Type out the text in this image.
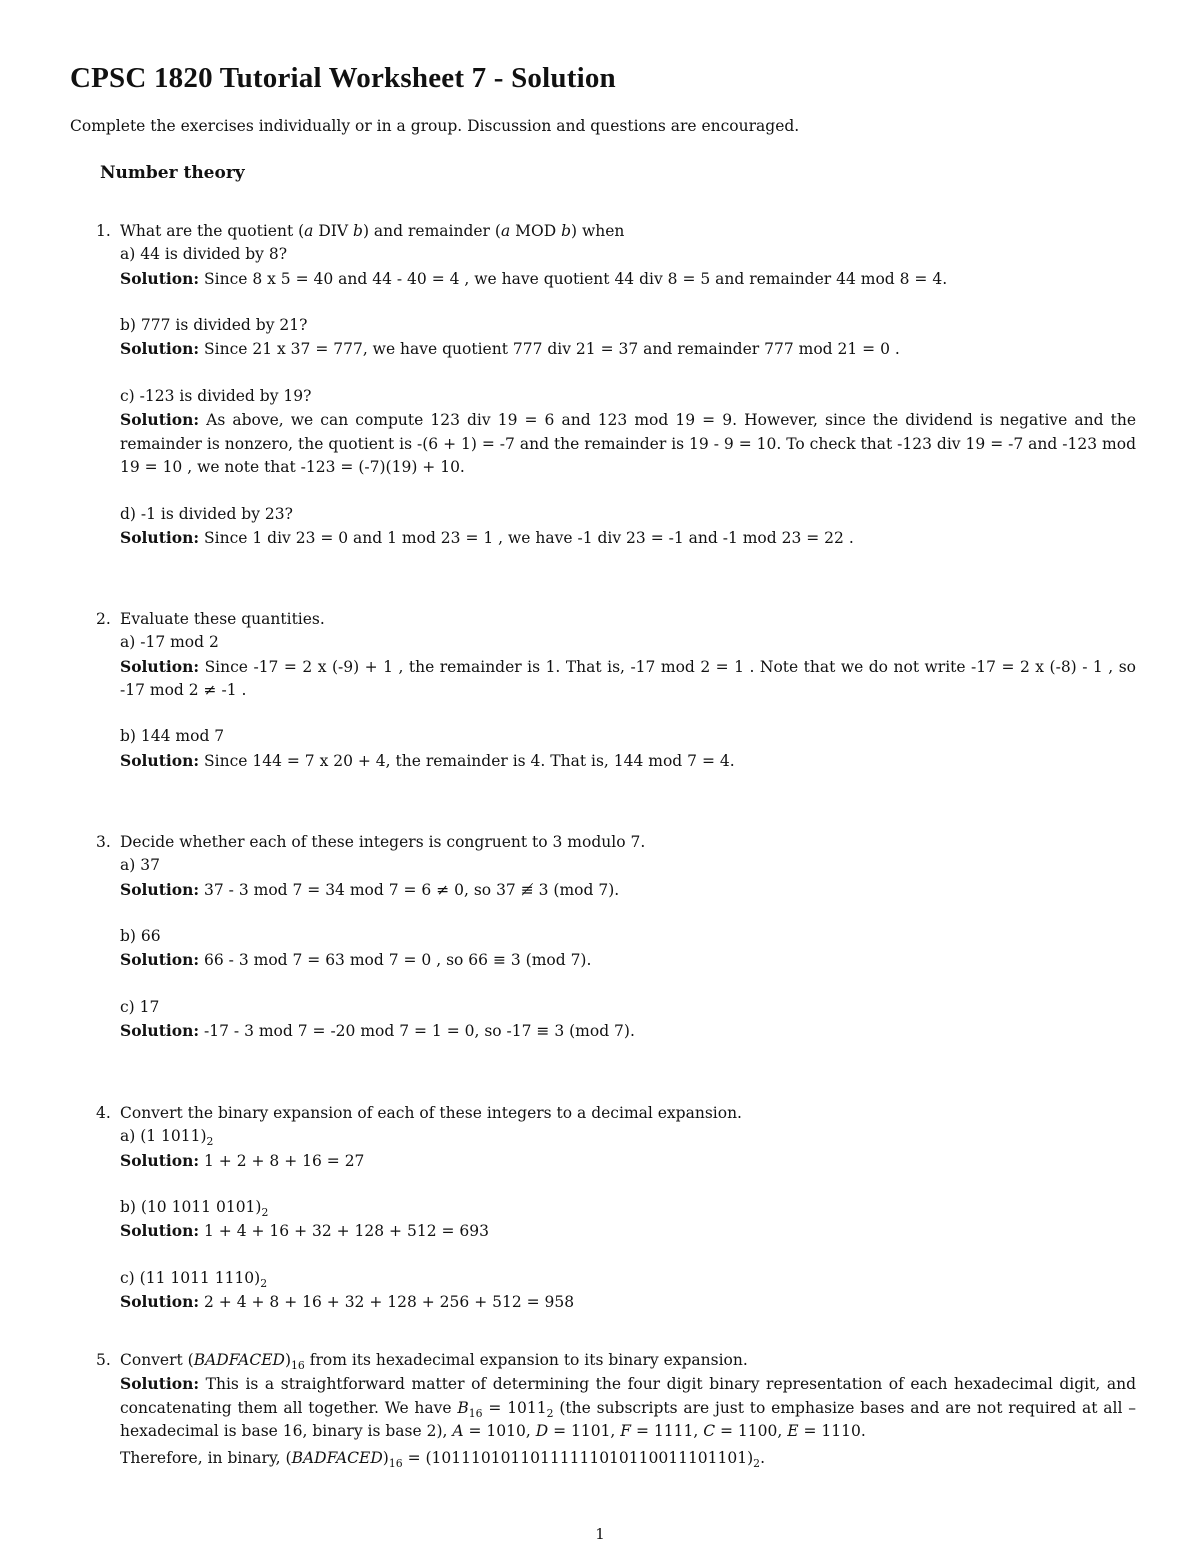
CPSC 1820 Tutorial Worksheet 7 - Solution

Complete the exercises individually or in a group. Discussion and questions are encouraged.

Number theory

1. What are the quotient (a DIV b) and remainder (a MOD b) when

a) 44 is divided by 8?

Solution: Since 8 x 5 = 40 and 44 - 40 = 4 , we have quotient 44 div 8 = 5 and remainder 44 mod 8 = 4.

b) 777 is divided by 21?

Solution: Since 21 x 37 = 777, we have quotient 777 div 21 = 37 and remainder 777 mod 21 = 0 .

c) -123 is divided by 19?

Solution: As above, we can compute 123 div 19 = 6 and 123 mod 19 = 9. However, since the dividend is negative and the remainder is nonzero, the quotient is -(6 + 1) = -7 and the remainder is 19 - 9 = 10. To check that -123 div 19 = -7 and -123 mod 19 = 10 , we note that -123 = (-7)(19) + 10.

d) -1 is divided by 23?

Solution: Since 1 div 23 = 0 and 1 mod 23 = 1 , we have -1 div 23 = -1 and -1 mod 23 = 22 .

2. Evaluate these quantities.

a) -17 mod 2

Solution: Since -17 = 2 x (-9) + 1 , the remainder is 1. That is, -17 mod 2 = 1 . Note that we do not write -17 = 2 x (-8) - 1 , so -17 mod 2 ≠ -1 .

b) 144 mod 7

Solution: Since 144 = 7 x 20 + 4, the remainder is 4. That is, 144 mod 7 = 4.

3. Decide whether each of these integers is congruent to 3 modulo 7.

a) 37

Solution: 37 - 3 mod 7 = 34 mod 7 = 6 ≠ 0, so 37 ≢ 3 (mod 7).

b) 66

Solution: 66 - 3 mod 7 = 63 mod 7 = 0 , so 66 ≡ 3 (mod 7).

c) 17

Solution: -17 - 3 mod 7 = -20 mod 7 = 1 = 0, so -17 ≡ 3 (mod 7).

4. Convert the binary expansion of each of these integers to a decimal expansion.

a) (1 $1011)_2$

Solution: 1 + 2 + 8 + 16 = 27

b) (10 1011 $0101)_2$

Solution: 1 + 4 + 16 + 32 + 128 + 512 = 693

c) (11 1011 $1110)_2$

Solution: 2 + 4 + 8 + 16 + 32 + 128 + 256 + 512 = 958

5. Convert $(BADFACED)_{16}$ from its hexadecimal expansion to its binary expansion.

Solution: This is a straightforward matter of determining the four digit binary representation of each hexadecimal digit, and concatenating them all together. We have $B_{16} = 1011_2$ (the subscripts are just to emphasize bases and are not required at all – hexadecimal is base 16, binary is base 2), A = 1010, D = 1101, F = 1111, C = 1100, E = 1110.

Therefore, in binary, $(BADFACED)_{16} = (10111010110111111010110011101101)_2$.

1
